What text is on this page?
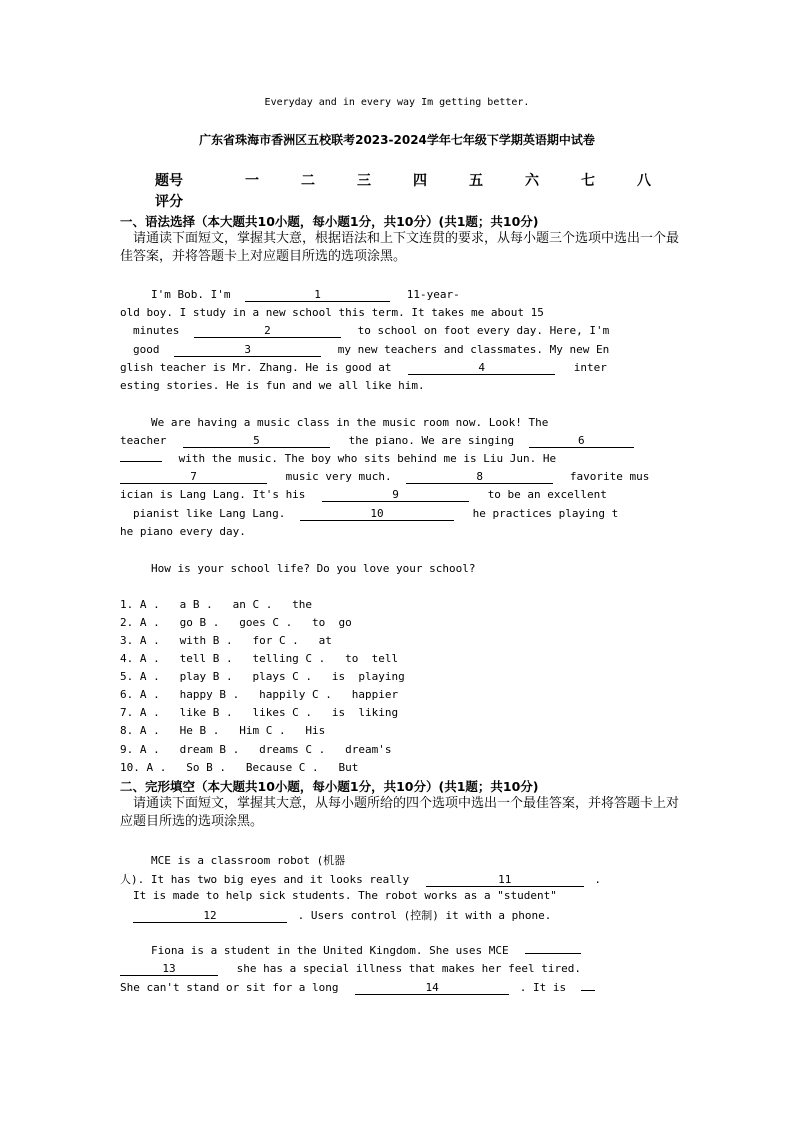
Everyday and in every way Im getting better.
广东省珠海市香洲区五校联考2023-2024学年七年级下学期英语期中试卷
题号	一	二	三	四	五	六	七	八
评分
一、语法选择（本大题共10小题，每小题1分，共10分）(共1题；共10分)
请通读下面短文，掌握其大意，根据语法和上下文连贯的要求，从每小题三个选项中选出一个最佳答案，并将答题卡上对应题目所选的选项涂黑。
I'm Bob. I'm	1	11-year-
old boy. I study in a new school this term. It takes me about 15
minutes	2	to school on foot every day. Here, I'm
good	3	my new teachers and classmates. My new En
glish teacher is Mr. Zhang. He is good at	4	inter
esting stories. He is fun and we all like him.
We are having a music class in the music room now. Look! The
teacher	5	the piano. We are singing	6
with the music. The boy who sits behind me is Liu Jun. He
7	music very much.	8	favorite mus
ician is Lang Lang. It's his	9	to be an excellent
pianist like Lang Lang.	10	he practices playing t
he piano every day.
How is your school life? Do you love your school?
1. A .   a B .   an C .   the
2. A .   go B .   goes C .   to  go
3. A .   with B .   for C .   at
4. A .   tell B .   telling C .   to  tell
5. A .   play B .   plays C .   is  playing
6. A .   happy B .   happily C .   happier
7. A .   like B .   likes C .   is  liking
8. A .   He B .   Him C .   His
9. A .   dream B .   dreams C .   dream's
10. A .   So B .   Because C .   But
二、完形填空（本大题共10小题，每小题1分，共10分）(共1题；共10分)
请通读下面短文，掌握其大意，从每小题所给的四个选项中选出一个最佳答案，并将答题卡上对应题目所选的选项涂黑。
MCE is a classroom robot (机器
人). It has two big eyes and it looks really	11	.
It is made to help sick students. The robot works as a "student"
12	. Users control (控制) it with a phone.
Fiona is a student in the United Kingdom. She uses MCE
13	she has a special illness that makes her feel tired.
She can't stand or sit for a long	14	. It is
